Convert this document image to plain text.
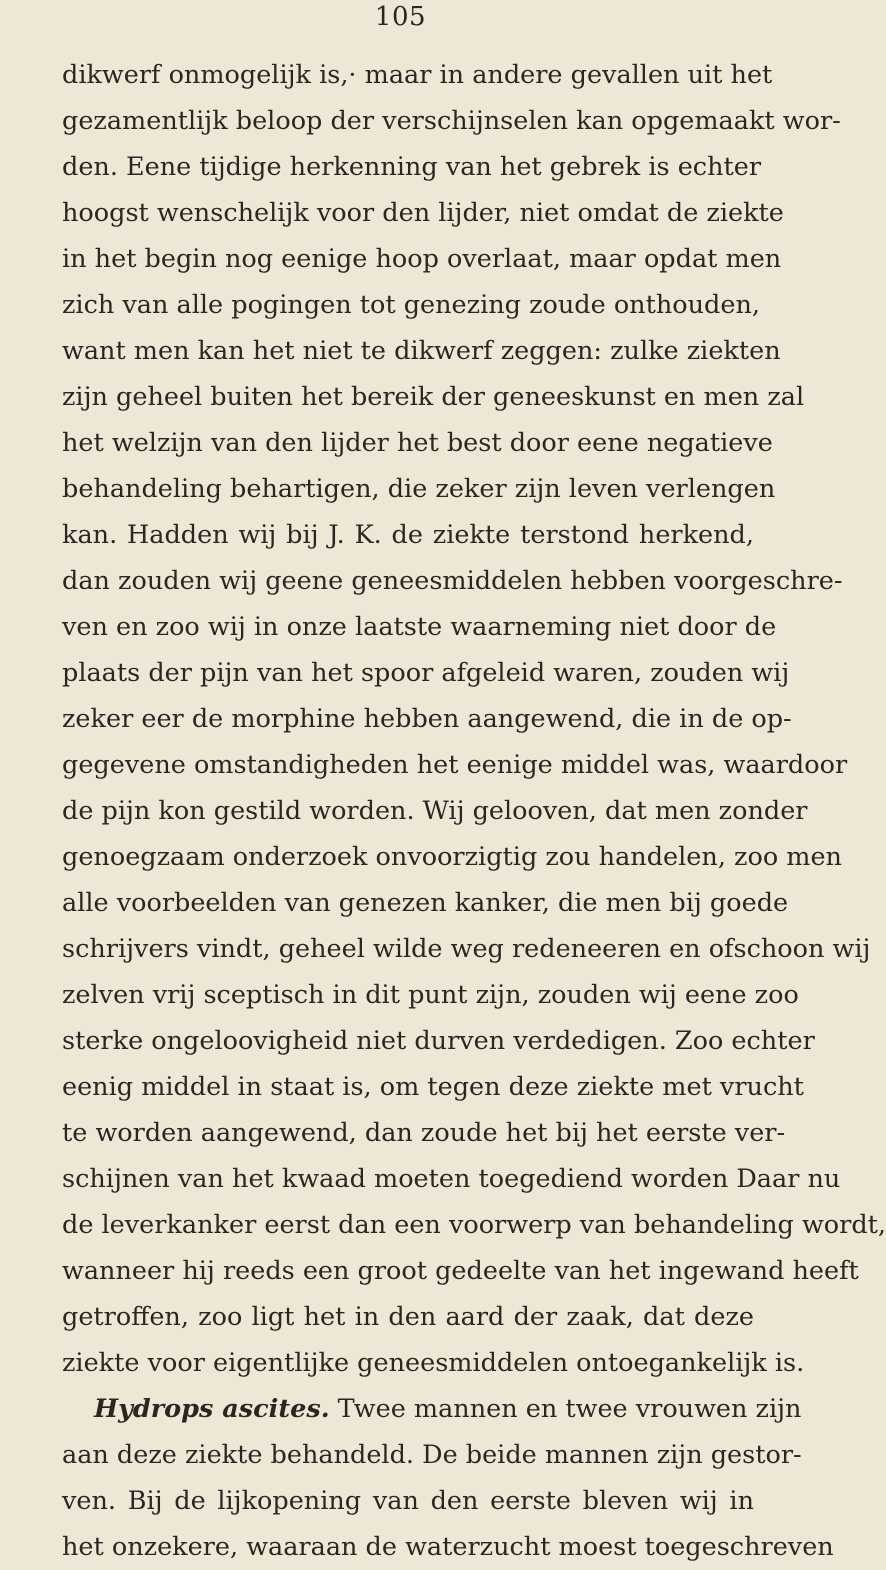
105
dikwerf onmogelijk is,· maar in andere gevallen uit het
gezamentlijk beloop der verschijnselen kan opgemaakt wor-
den. Eene tijdige herkenning van het gebrek is echter
hoogst wenschelijk voor den lijder, niet omdat de ziekte
in het begin nog eenige hoop overlaat, maar opdat men
zich van alle pogingen tot genezing zoude onthouden,
want men kan het niet te dikwerf zeggen: zulke ziekten
zijn geheel buiten het bereik der geneeskunst en men zal
het welzijn van den lijder het best door eene negatieve
behandeling behartigen, die zeker zijn leven verlengen
kan. Hadden wij bij J. K. de ziekte terstond herkend,
dan zouden wij geene geneesmiddelen hebben voorgeschre-
ven en zoo wij in onze laatste waarneming niet door de
plaats der pijn van het spoor afgeleid waren, zouden wij
zeker eer de morphine hebben aangewend, die in de op-
gegevene omstandigheden het eenige middel was, waardoor
de pijn kon gestild worden. Wij gelooven, dat men zonder
genoegzaam onderzoek onvoorzigtig zou handelen, zoo men
alle voorbeelden van genezen kanker, die men bij goede
schrijvers vindt, geheel wilde weg redeneeren en ofschoon wij
zelven vrij sceptisch in dit punt zijn, zouden wij eene zoo
sterke ongeloovigheid niet durven verdedigen. Zoo echter
eenig middel in staat is, om tegen deze ziekte met vrucht
te worden aangewend, dan zoude het bij het eerste ver-
schijnen van het kwaad moeten toegediend worden Daar nu
de leverkanker eerst dan een voorwerp van behandeling wordt,
wanneer hij reeds een groot gedeelte van het ingewand heeft
getroffen, zoo ligt het in den aard der zaak, dat deze
ziekte voor eigentlijke geneesmiddelen ontoegankelijk is.
Hydrops ascites. Twee mannen en twee vrouwen zijn
aan deze ziekte behandeld. De beide mannen zijn gestor-
ven. Bij de lijkopening van den eerste bleven wij in
het onzekere, waaraan de waterzucht moest toegeschreven
